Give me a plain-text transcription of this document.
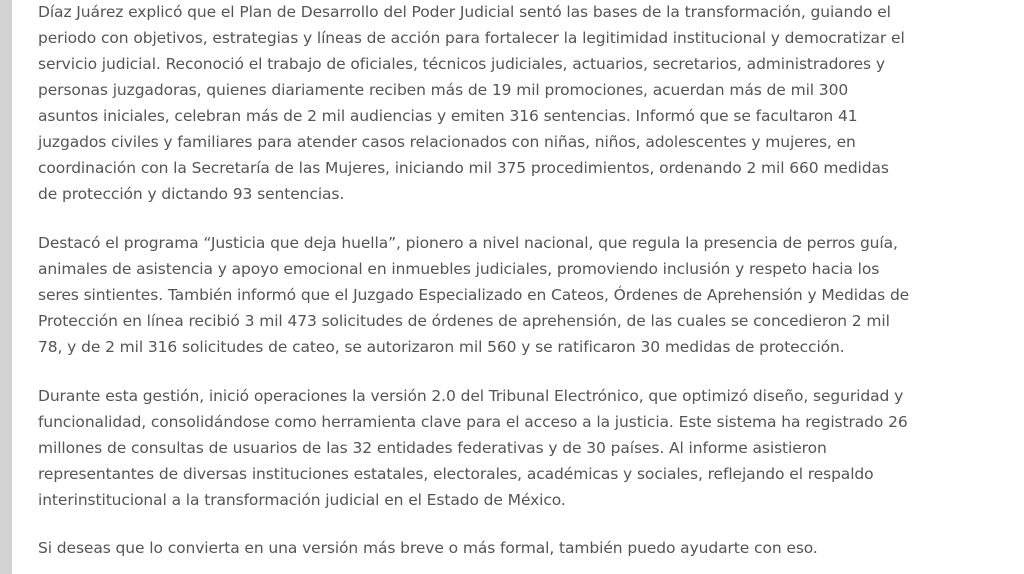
Díaz Juárez explicó que el Plan de Desarrollo del Poder Judicial sentó las bases de la transformación, guiando el
periodo con objetivos, estrategias y líneas de acción para fortalecer la legitimidad institucional y democratizar el
servicio judicial. Reconoció el trabajo de oficiales, técnicos judiciales, actuarios, secretarios, administradores y
personas juzgadoras, quienes diariamente reciben más de 19 mil promociones, acuerdan más de mil 300
asuntos iniciales, celebran más de 2 mil audiencias y emiten 316 sentencias. Informó que se facultaron 41
juzgados civiles y familiares para atender casos relacionados con niñas, niños, adolescentes y mujeres, en
coordinación con la Secretaría de las Mujeres, iniciando mil 375 procedimientos, ordenando 2 mil 660 medidas
de protección y dictando 93 sentencias.

Destacó el programa “Justicia que deja huella”, pionero a nivel nacional, que regula la presencia de perros guía,
animales de asistencia y apoyo emocional en inmuebles judiciales, promoviendo inclusión y respeto hacia los
seres sintientes. También informó que el Juzgado Especializado en Cateos, Órdenes de Aprehensión y Medidas de
Protección en línea recibió 3 mil 473 solicitudes de órdenes de aprehensión, de las cuales se concedieron 2 mil
78, y de 2 mil 316 solicitudes de cateo, se autorizaron mil 560 y se ratificaron 30 medidas de protección.

Durante esta gestión, inició operaciones la versión 2.0 del Tribunal Electrónico, que optimizó diseño, seguridad y
funcionalidad, consolidándose como herramienta clave para el acceso a la justicia. Este sistema ha registrado 26
millones de consultas de usuarios de las 32 entidades federativas y de 30 países. Al informe asistieron
representantes de diversas instituciones estatales, electorales, académicas y sociales, reflejando el respaldo
interinstitucional a la transformación judicial en el Estado de México.

Si deseas que lo convierta en una versión más breve o más formal, también puedo ayudarte con eso.
